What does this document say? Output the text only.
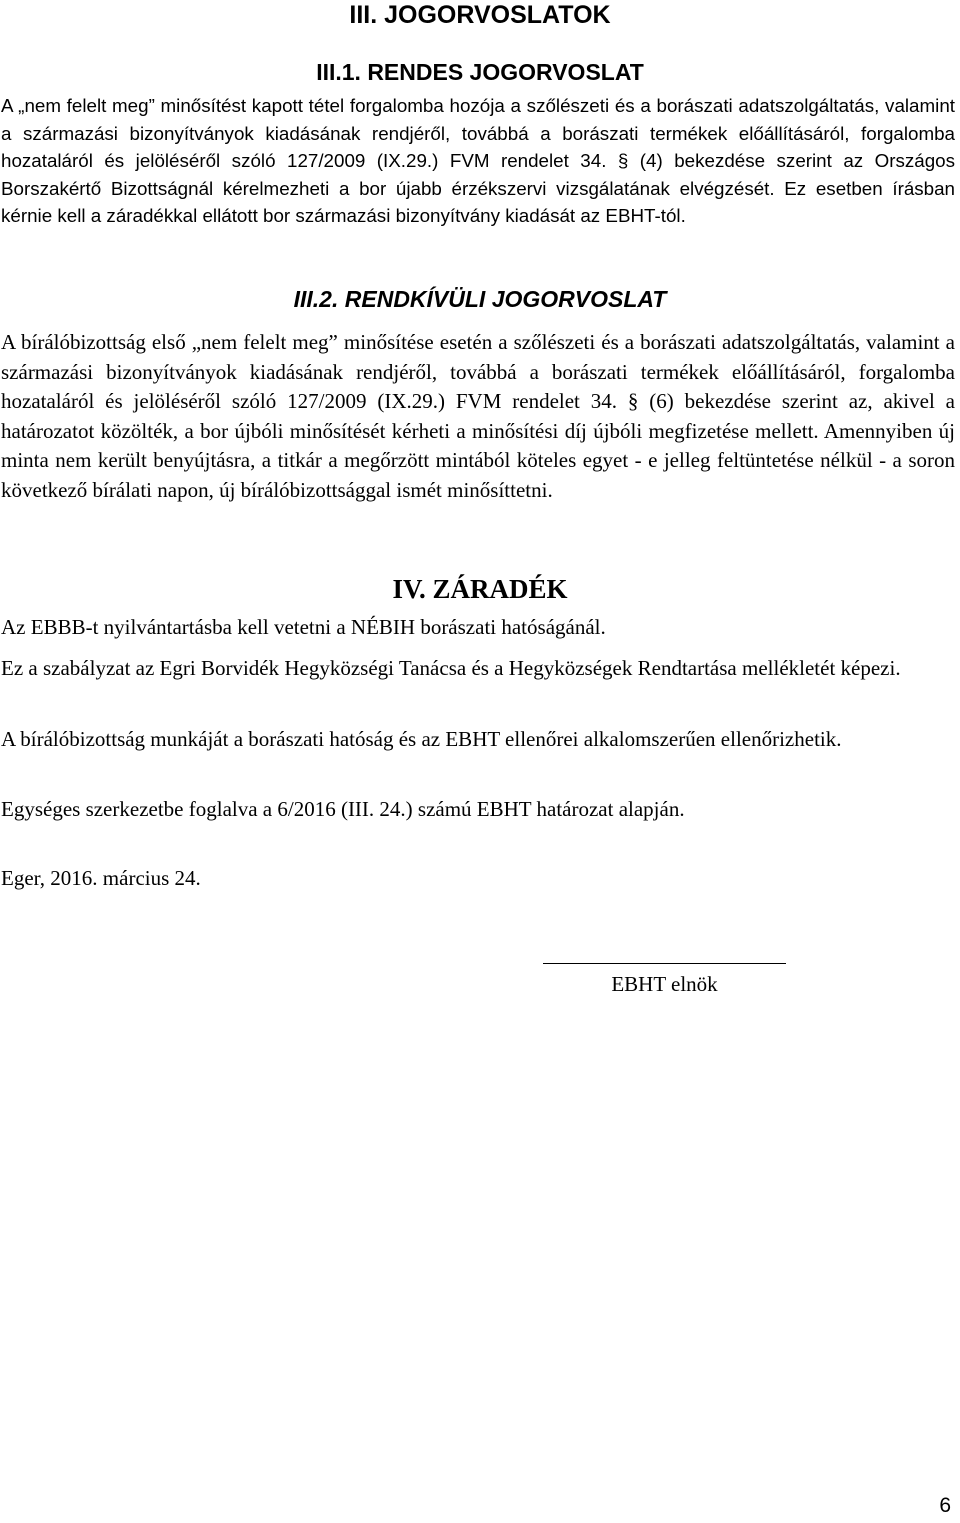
III. JOGORVOSLATOK
III.1. RENDES JOGORVOSLAT

A „nem felelt meg” minősítést kapott tétel forgalomba hozója a szőlészeti és a borászati adatszolgáltatás, valamint a származási bizonyítványok kiadásának rendjéről, továbbá a borászati termékek előállításáról, forgalomba hozataláról és jelöléséről szóló 127/2009 (IX.29.) FVM rendelet 34. § (4) bekezdése szerint az Országos Borszakértő Bizottságnál kérelmezheti a bor újabb érzékszervi vizsgálatának elvégzését. Ez esetben írásban kérnie kell a záradékkal ellátott bor származási bizonyítvány kiadását az EBHT-tól.

III.2. RENDKÍVÜLI JOGORVOSLAT

A bírálóbizottság első „nem felelt meg” minősítése esetén a szőlészeti és a borászati adatszolgáltatás, valamint a származási bizonyítványok kiadásának rendjéről, továbbá a borászati termékek előállításáról, forgalomba hozataláról és jelöléséről szóló 127/2009 (IX.29.) FVM rendelet 34. § (6) bekezdése szerint az, akivel a határozatot közölték, a bor újbóli minősítését kérheti a minősítési díj újbóli megfizetése mellett. Amennyiben új minta nem került benyújtásra, a titkár a megőrzött mintából köteles egyet - e jelleg feltüntetése nélkül - a soron következő bírálati napon, új bírálóbizottsággal ismét minősíttetni.

IV. ZÁRADÉK

Az EBBB-t nyilvántartásba kell vetetni a NÉBIH borászati hatóságánál.

Ez a szabályzat az Egri Borvidék Hegyközségi Tanácsa és a Hegyközségek Rendtartása mellékletét képezi.

A bírálóbizottság munkáját a borászati hatóság és az EBHT ellenőrei alkalomszerűen ellenőrizhetik.

Egységes szerkezetbe foglalva a 6/2016 (III. 24.) számú EBHT határozat alapján.

Eger, 2016. március 24.

EBHT elnök

6
